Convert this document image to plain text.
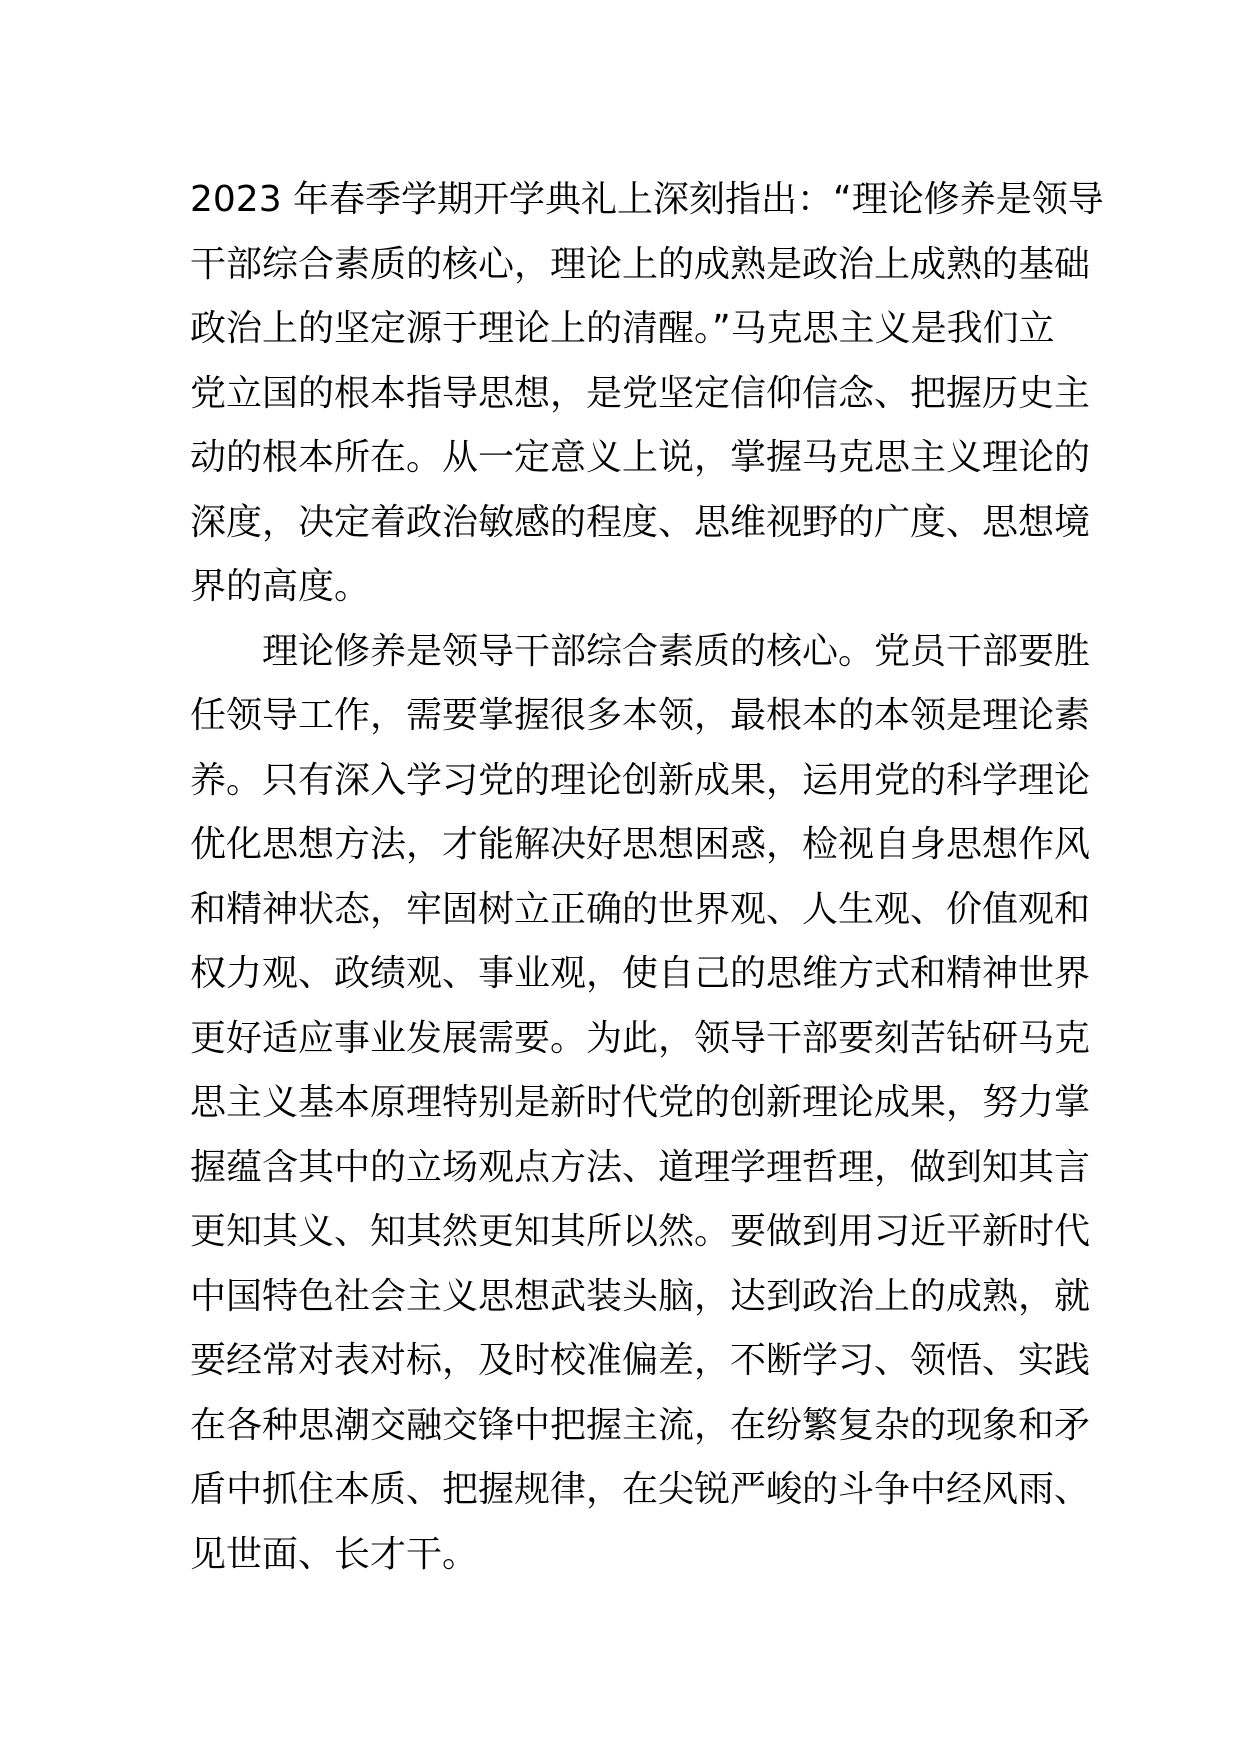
2023 年春季学期开学典礼上深刻指出：“理论修养是领导
干部综合素质的核心，理论上的成熟是政治上成熟的基础
政治上的坚定源于理论上的清醒。”马克思主义是我们立
党立国的根本指导思想，是党坚定信仰信念、把握历史主
动的根本所在。从一定意义上说，掌握马克思主义理论的
深度，决定着政治敏感的程度、思维视野的广度、思想境
界的高度。
理论修养是领导干部综合素质的核心。党员干部要胜
任领导工作，需要掌握很多本领，最根本的本领是理论素
养。只有深入学习党的理论创新成果，运用党的科学理论
优化思想方法，才能解决好思想困惑，检视自身思想作风
和精神状态，牢固树立正确的世界观、人生观、价值观和
权力观、政绩观、事业观，使自己的思维方式和精神世界
更好适应事业发展需要。为此，领导干部要刻苦钻研马克
思主义基本原理特别是新时代党的创新理论成果，努力掌
握蕴含其中的立场观点方法、道理学理哲理，做到知其言
更知其义、知其然更知其所以然。要做到用习近平新时代
中国特色社会主义思想武装头脑，达到政治上的成熟，就
要经常对表对标，及时校准偏差，不断学习、领悟、实践
在各种思潮交融交锋中把握主流，在纷繁复杂的现象和矛
盾中抓住本质、把握规律，在尖锐严峻的斗争中经风雨、
见世面、长才干。
